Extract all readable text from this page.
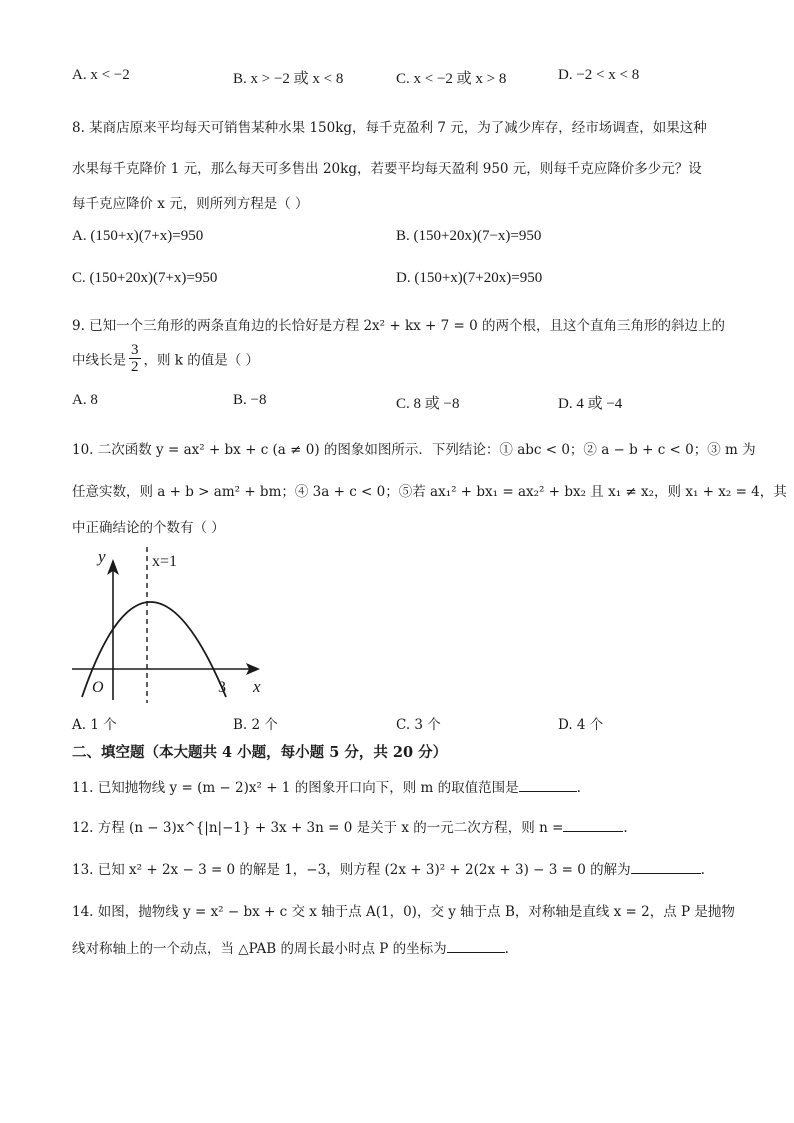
A. x < −2	B. x > −2 或 x < 8	C. x < −2 或 x > 8	D. −2 < x < 8
8. 某商店原来平均每天可销售某种水果 150kg，每千克盈利 7 元，为了减少库存，经市场调查，如果这种
水果每千克降价 1 元，那么每天可多售出 20kg，若要平均每天盈利 950 元，则每千克应降价多少元？设
每千克应降价 x 元，则所列方程是（ ）
A. (150+x)(7+x)=950	B. (150+20x)(7−x)=950
C. (150+20x)(7+x)=950	D. (150+x)(7+20x)=950
9. 已知一个三角形的两条直角边的长恰好是方程 2x² + kx + 7 = 0 的两个根，且这个直角三角形的斜边上的
中线长是 $\frac{3}{2}$ ，则 k 的值是（ ）
A. 8	B. −8	C. 8 或 −8	D. 4 或 −4
10. 二次函数 y = ax² + bx + c (a ≠ 0) 的图象如图所示．下列结论：① abc < 0；② a − b + c < 0；③ m 为
任意实数，则 a + b > am² + bm；④ 3a + c < 0；⑤若 ax₁² + bx₁ = ax₂² + bx₂ 且 x₁ ≠ x₂，则 x₁ + x₂ = 4，其
中正确结论的个数有（ ）
y	x=1
O	3 x
A. 1 个	B. 2 个	C. 3 个	D. 4 个
二、填空题（本大题共 4 小题，每小题 5 分，共 20 分）
11. 已知抛物线 y = (m − 2)x² + 1 的图象开口向下，则 m 的取值范围是	.
12. 方程 (n − 3)x^{|n|−1} + 3x + 3n = 0 是关于 x 的一元二次方程，则 n =	.
13. 已知 x² + 2x − 3 = 0 的解是 1，−3，则方程 (2x + 3)² + 2(2x + 3) − 3 = 0 的解为	.
14. 如图，抛物线 y = x² − bx + c 交 x 轴于点 A(1，0)，交 y 轴于点 B，对称轴是直线 x = 2，点 P 是抛物
线对称轴上的一个动点，当 △PAB 的周长最小时点 P 的坐标为	.
